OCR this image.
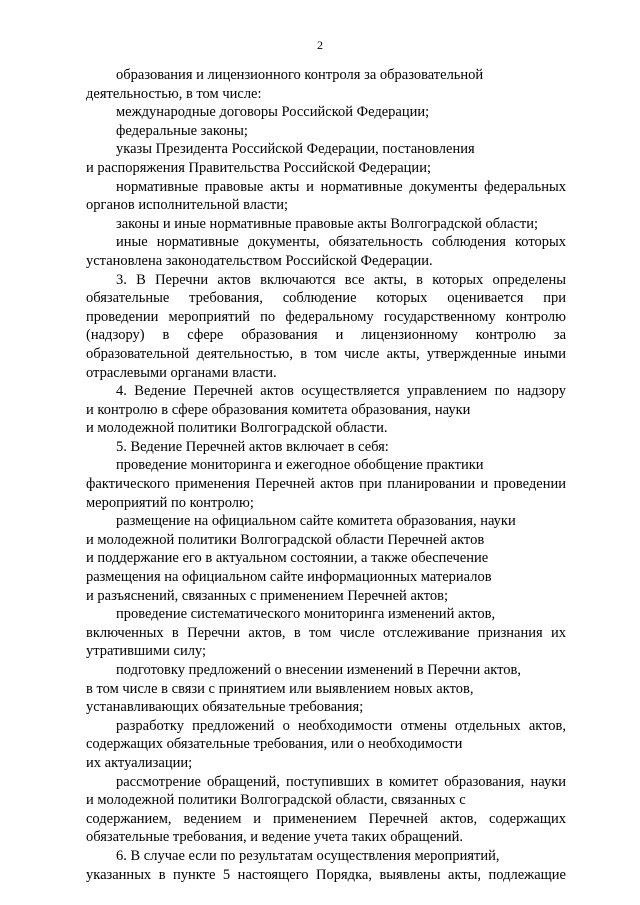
2
образования и лицензионного контроля за образовательной
деятельностью, в том числе:
международные договоры Российской Федерации;
федеральные законы;
указы Президента Российской Федерации, постановления
и распоряжения Правительства Российской Федерации;
нормативные правовые акты и нормативные документы федеральных
органов исполнительной власти;
законы и иные нормативные правовые акты Волгоградской области;
иные нормативные документы, обязательность соблюдения которых
установлена законодательством Российской Федерации.
3. В Перечни актов включаются все акты, в которых определены
обязательные требования, соблюдение которых оценивается при
проведении мероприятий по федеральному государственному контролю
(надзору) в сфере образования и лицензионному контролю за
образовательной деятельностью, в том числе акты, утвержденные иными
отраслевыми органами власти.
4. Ведение Перечней актов осуществляется управлением по надзору
и контролю в сфере образования комитета образования, науки
и молодежной политики Волгоградской области.
5. Ведение Перечней актов включает в себя:
проведение мониторинга и ежегодное обобщение практики
фактического применения Перечней актов при планировании и проведении
мероприятий по контролю;
размещение на официальном сайте комитета образования, науки
и молодежной политики Волгоградской области Перечней актов
и поддержание его в актуальном состоянии, а также обеспечение
размещения на официальном сайте информационных материалов
и разъяснений, связанных с применением Перечней актов;
проведение систематического мониторинга изменений актов,
включенных в Перечни актов, в том числе отслеживание признания их
утратившими силу;
подготовку предложений о внесении изменений в Перечни актов,
в том числе в связи с принятием или выявлением новых актов,
устанавливающих обязательные требования;
разработку предложений о необходимости отмены отдельных актов,
содержащих обязательные требования, или о необходимости
их актуализации;
рассмотрение обращений, поступивших в комитет образования, науки
и молодежной политики Волгоградской области, связанных с
содержанием, ведением и применением Перечней актов, содержащих
обязательные требования, и ведение учета таких обращений.
6. В случае если по результатам осуществления мероприятий,
указанных в пункте 5 настоящего Порядка, выявлены акты, подлежащие
